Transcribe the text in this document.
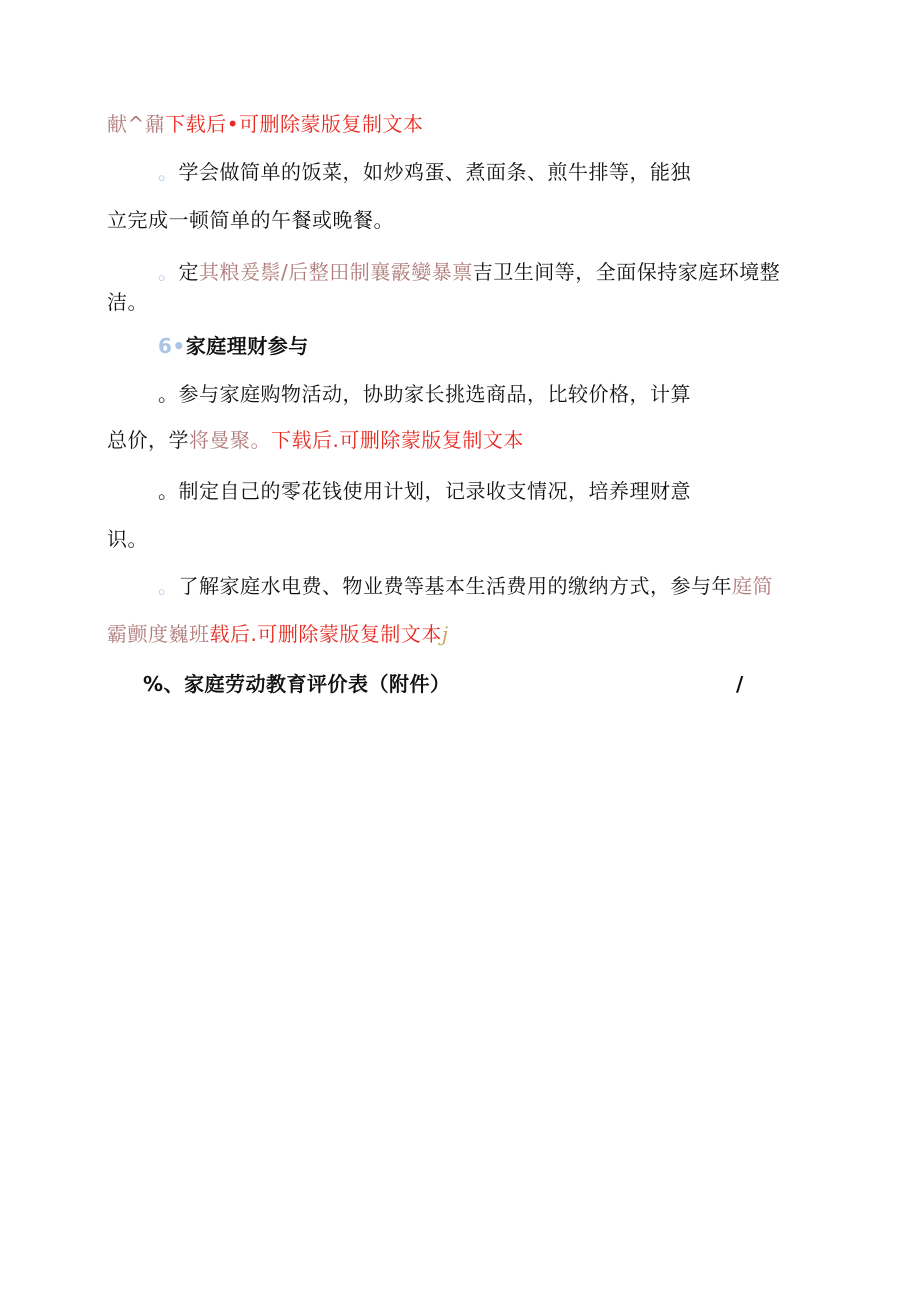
献^鼐下载后•可删除蒙版复制文本
。学会做简单的饭菜，如炒鸡蛋、煮面条、煎牛排等，能独
立完成一顿简单的午餐或晚餐。
。定其粮爰鬃/后整田制襄霰孌暴禀吉卫生间等，全面保持家庭环境整
洁。
6•家庭理财参与
。参与家庭购物活动，协助家长挑选商品，比较价格，计算
总价，学将曼聚。下载后.可删除蒙版复制文本
。制定自己的零花钱使用计划，记录收支情况，培养理财意
识。
。了解家庭水电费、物业费等基本生活费用的缴纳方式，参与年庭简
霸颤度巍班载后.可删除蒙版复制文本j
%、家庭劳动教育评价表（附件）	/
